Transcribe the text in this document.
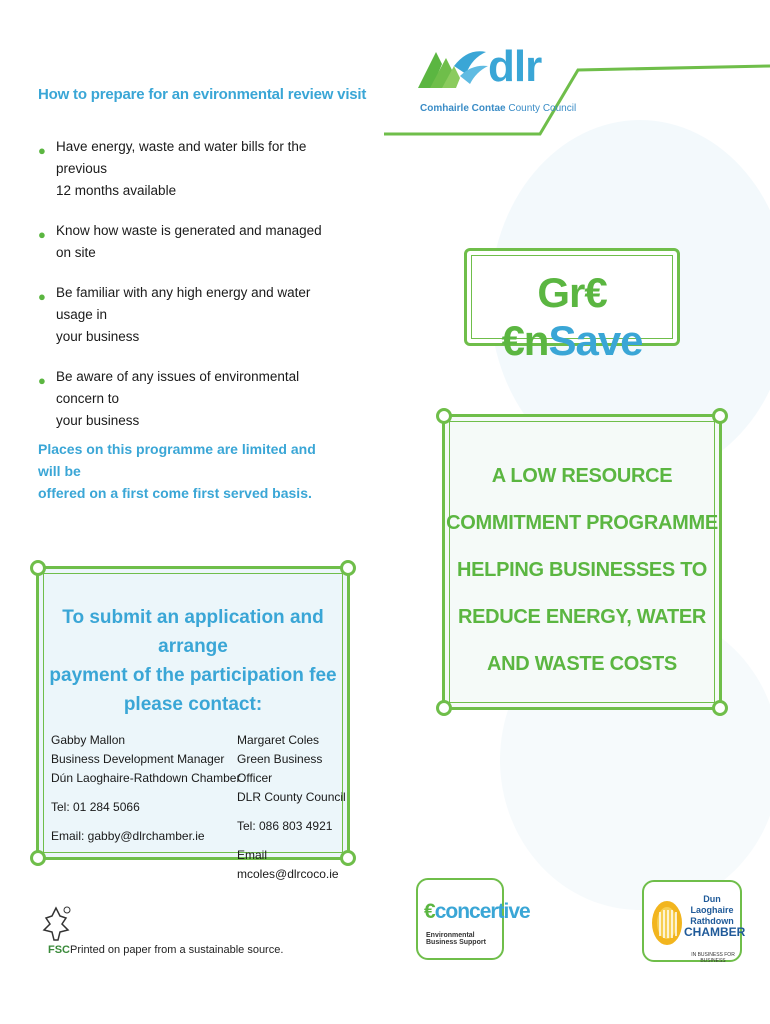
How to prepare for an evironmental review visit
● Have energy, waste and water bills for the previous
12 months available
● Know how waste is generated and managed on site
● Be familiar with any high energy and water usage in
your business
● Be aware of any issues of environmental concern to
your business
Places on this programme are limited and will be
offered on a first come first served basis.
To submit an application and arrange
payment of the participation fee
please contact:
Gabby Mallon
Business Development Manager
Dún Laoghaire-Rathdown Chamber
Tel: 01 284 5066
Email: gabby@dlrchamber.ie
Margaret Coles
Green Business Officer
DLR County Council
Tel: 086 803 4921
Email mcoles@dlrcoco.ie
FSC Printed on paper from a sustainable source.
dlr
Comhairle Contae County Council
Gr€€nSave
A LOW RESOURCE
COMMITMENT PROGRAMME
HELPING BUSINESSES TO
REDUCE ENERGY, WATER
AND WASTE COSTS
€concertive
Environmental Business Support
Dun Laoghaire
Rathdown
CHAMBER
IN BUSINESS FOR BUSINESS
